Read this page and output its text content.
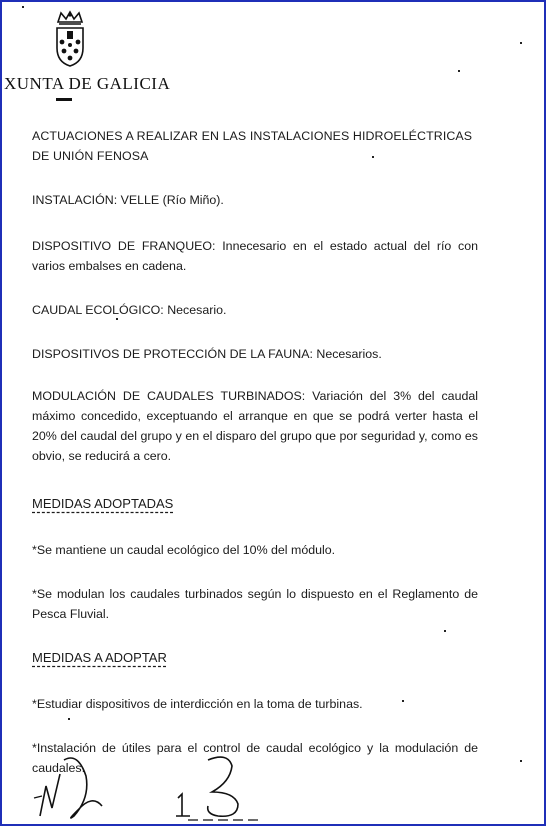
XUNTA DE GALICIA
ACTUACIONES A REALIZAR EN LAS INSTALACIONES HIDROELÉCTRICAS
DE UNIÓN FENOSA
INSTALACIÓN: VELLE (Río Miño).
DISPOSITIVO DE FRANQUEO: Innecesario en el estado actual del río con varios embalses en cadena.
CAUDAL ECOLÓGICO: Necesario.
DISPOSITIVOS DE PROTECCIÓN DE LA FAUNA: Necesarios.
MODULACIÓN DE CAUDALES TURBINADOS: Variación del 3% del caudal máximo concedido, exceptuando el arranque en que se podrá verter hasta el 20% del caudal del grupo y en el disparo del grupo que por seguridad y, como es obvio, se reducirá a cero.
MEDIDAS ADOPTADAS
*Se mantiene un caudal ecológico del 10% del módulo.
*Se modulan los caudales turbinados según lo dispuesto en el Reglamento de Pesca Fluvial.
MEDIDAS A ADOPTAR
*Estudiar dispositivos de interdicción en la toma de turbinas.
*Instalación de útiles para el control de caudal ecológico y la modulación de caudales.
